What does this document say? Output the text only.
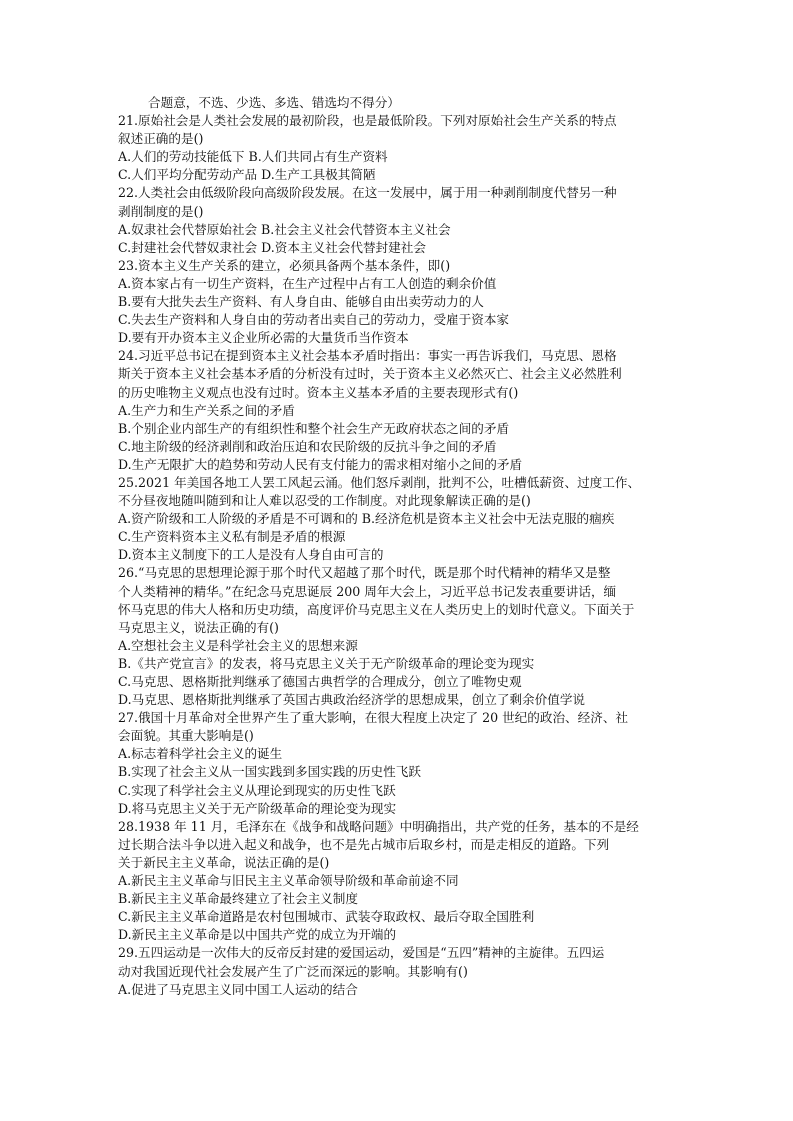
合题意，不选、少选、多选、错选均不得分）
21.原始社会是人类社会发展的最初阶段，也是最低阶段。下列对原始社会生产关系的特点
叙述正确的是()
A.人们的劳动技能低下 B.人们共同占有生产资料
C.人们平均分配劳动产品 D.生产工具极其简陋
22.人类社会由低级阶段向高级阶段发展。在这一发展中，属于用一种剥削制度代替另一种
剥削制度的是()
A.奴隶社会代替原始社会 B.社会主义社会代替资本主义社会
C.封建社会代替奴隶社会 D.资本主义社会代替封建社会
23.资本主义生产关系的建立，必须具备两个基本条件，即()
A.资本家占有一切生产资料，在生产过程中占有工人创造的剩余价值
B.要有大批失去生产资料、有人身自由、能够自由出卖劳动力的人
C.失去生产资料和人身自由的劳动者出卖自己的劳动力，受雇于资本家
D.要有开办资本主义企业所必需的大量货币当作资本
24.习近平总书记在提到资本主义社会基本矛盾时指出：事实一再告诉我们，马克思、恩格
斯关于资本主义社会基本矛盾的分析没有过时，关于资本主义必然灭亡、社会主义必然胜利
的历史唯物主义观点也没有过时。资本主义基本矛盾的主要表现形式有()
A.生产力和生产关系之间的矛盾
B.个别企业内部生产的有组织性和整个社会生产无政府状态之间的矛盾
C.地主阶级的经济剥削和政治压迫和农民阶级的反抗斗争之间的矛盾
D.生产无限扩大的趋势和劳动人民有支付能力的需求相对缩小之间的矛盾
25.2021 年美国各地工人罢工风起云涌。他们怒斥剥削，批判不公，吐槽低薪资、过度工作、
不分昼夜地随叫随到和让人难以忍受的工作制度。对此现象解读正确的是()
A.资产阶级和工人阶级的矛盾是不可调和的 B.经济危机是资本主义社会中无法克服的痼疾
C.生产资料资本主义私有制是矛盾的根源
D.资本主义制度下的工人是没有人身自由可言的
26.“马克思的思想理论源于那个时代又超越了那个时代，既是那个时代精神的精华又是整
个人类精神的精华。”在纪念马克思诞辰 200 周年大会上，习近平总书记发表重要讲话，缅
怀马克思的伟大人格和历史功绩，高度评价马克思主义在人类历史上的划时代意义。下面关于
马克思主义，说法正确的有()
A.空想社会主义是科学社会主义的思想来源
B.《共产党宣言》的发表，将马克思主义关于无产阶级革命的理论变为现实
C.马克思、恩格斯批判继承了德国古典哲学的合理成分，创立了唯物史观
D.马克思、恩格斯批判继承了英国古典政治经济学的思想成果，创立了剩余价值学说
27.俄国十月革命对全世界产生了重大影响，在很大程度上决定了 20 世纪的政治、经济、社
会面貌。其重大影响是()
A.标志着科学社会主义的诞生
B.实现了社会主义从一国实践到多国实践的历史性飞跃
C.实现了科学社会主义从理论到现实的历史性飞跃
D.将马克思主义关于无产阶级革命的理论变为现实
28.1938 年 11 月，毛泽东在《战争和战略问题》中明确指出，共产党的任务，基本的不是经
过长期合法斗争以进入起义和战争，也不是先占城市后取乡村，而是走相反的道路。下列
关于新民主主义革命，说法正确的是()
A.新民主主义革命与旧民主主义革命领导阶级和革命前途不同
B.新民主主义革命最终建立了社会主义制度
C.新民主主义革命道路是农村包围城市、武装夺取政权、最后夺取全国胜利
D.新民主主义革命是以中国共产党的成立为开端的
29.五四运动是一次伟大的反帝反封建的爱国运动，爱国是“五四”精神的主旋律。五四运
动对我国近现代社会发展产生了广泛而深远的影响。其影响有()
A.促进了马克思主义同中国工人运动的结合
